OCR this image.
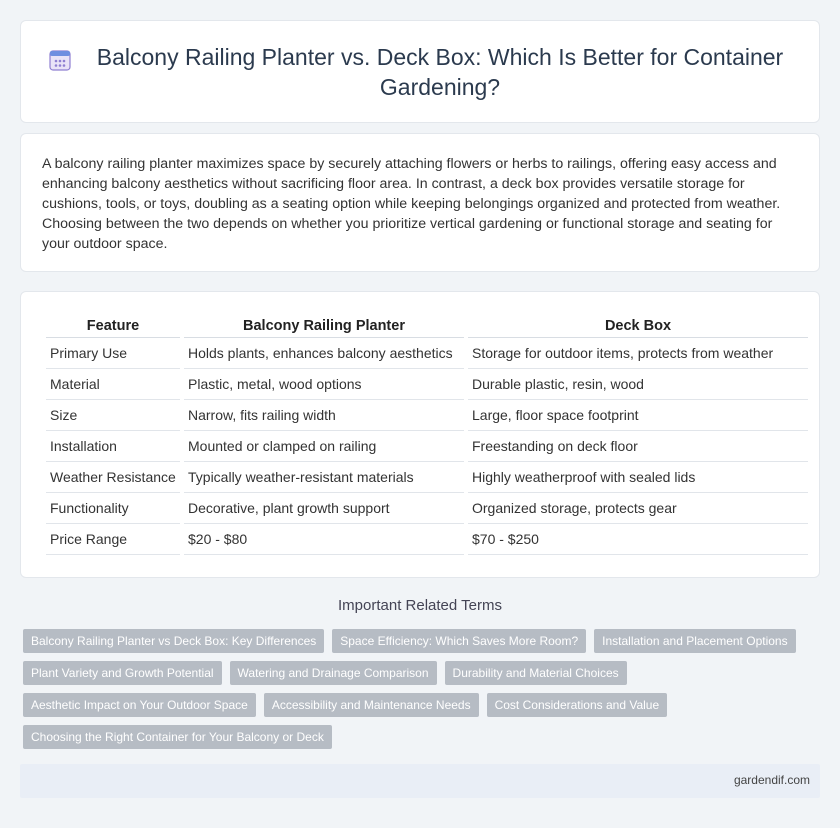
Balcony Railing Planter vs. Deck Box: Which Is Better for Container Gardening?

A balcony railing planter maximizes space by securely attaching flowers or herbs to railings, offering easy access and enhancing balcony aesthetics without sacrificing floor area. In contrast, a deck box provides versatile storage for cushions, tools, or toys, doubling as a seating option while keeping belongings organized and protected from weather. Choosing between the two depends on whether you prioritize vertical gardening or functional storage and seating for your outdoor space.

Feature	Balcony Railing Planter	Deck Box
Primary Use	Holds plants, enhances balcony aesthetics	Storage for outdoor items, protects from weather
Material	Plastic, metal, wood options	Durable plastic, resin, wood
Size	Narrow, fits railing width	Large, floor space footprint
Installation	Mounted or clamped on railing	Freestanding on deck floor
Weather Resistance	Typically weather-resistant materials	Highly weatherproof with sealed lids
Functionality	Decorative, plant growth support	Organized storage, protects gear
Price Range	$20 - $80	$70 - $250
Important Related Terms
Balcony Railing Planter vs Deck Box: Key Differences	Space Efficiency: Which Saves More Room?	Installation and Placement Options
Plant Variety and Growth Potential	Watering and Drainage Comparison	Durability and Material Choices
Aesthetic Impact on Your Outdoor Space	Accessibility and Maintenance Needs	Cost Considerations and Value
Choosing the Right Container for Your Balcony or Deck
gardendif.com
